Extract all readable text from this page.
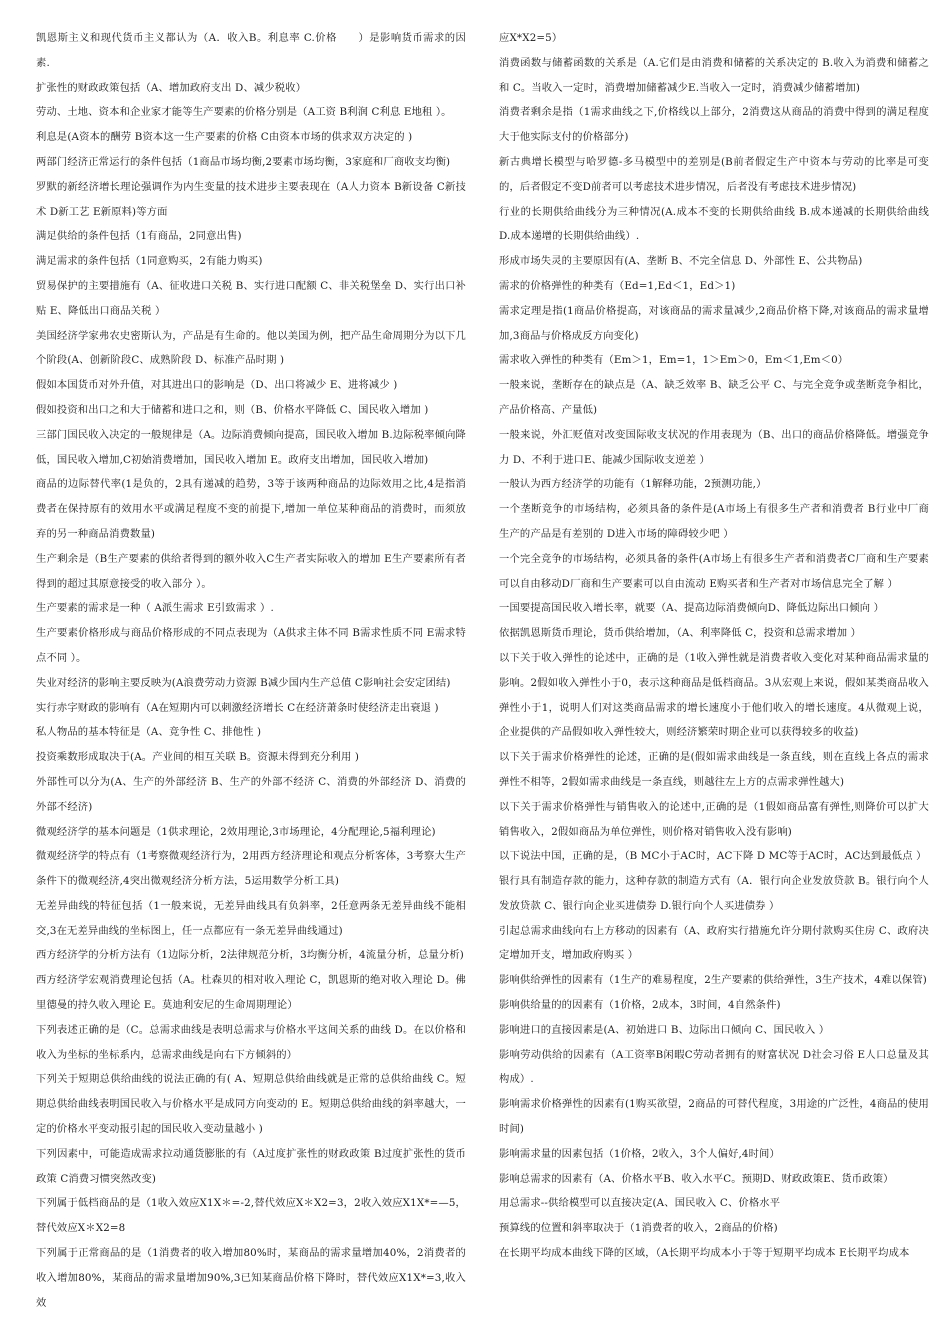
凯恩斯主义和现代货币主义都认为（A．收入B。利息率 C.价格　　）是影响货币需求的因素.

扩张性的财政政策包括（A、增加政府支出 D、减少税收）

劳动、土地、资本和企业家才能等生产要素的价格分别是（A工资 B利润 C利息 E地租 ）。

利息是(A资本的酬劳 B资本这一生产要素的价格 C由资本市场的供求双方决定的 )

两部门经济正常运行的条件包括（1商品市场均衡,2要素市场均衡，3家庭和厂商收支均衡)

罗默的新经济增长理论强调作为内生变量的技术进步主要表现在（A人力资本 B新设备 C新技术 D新工艺 E新原料)等方面

满足供给的条件包括（1有商品，2同意出售)

满足需求的条件包括（1同意购买，2有能力购买)

贸易保护的主要措施有（A、征收进口关税 B、实行进口配额 C、非关税堡垒 D、实行出口补贴 E、降低出口商品关税 ）

美国经济学家弗农史密斯认为，产品是有生命的。他以美国为例，把产品生命周期分为以下几个阶段(A、创新阶段C、成熟阶段 D、标准产品时期 )

假如本国货币对外升值，对其进出口的影响是（D、出口将减少 E、进将减少 )

假如投资和出口之和大于储蓄和进口之和，则（B、价格水平降低 C、国民收入增加 )

三部门国民收入决定的一般规律是（A。边际消费倾向提高，国民收入增加 B.边际税率倾向降低，国民收入增加,C初始消费增加，国民收入增加 E。政府支出增加，国民收入增加)

商品的边际替代率(1是负的，2具有递减的趋势，3等于该两种商品的边际效用之比,4是指消费者在保持原有的效用水平或满足程度不变的前提下,增加一单位某种商品的消费时，而须放弃的另一种商品消费数量)

生产剩余是（B生产要素的供给者得到的额外收入C生产者实际收入的增加 E生产要素所有者得到的超过其原意接受的收入部分 ）。

生产要素的需求是一种（ A派生需求 E引致需求 ）.

生产要素价格形成与商品价格形成的不同点表现为（A供求主体不同 B需求性质不同 E需求特点不同 ）。

失业对经济的影响主要反映为(A浪费劳动力资源 B减少国内生产总值 C影响社会安定团结)

实行赤字财政的影响有（A在短期内可以刺激经济增长 C在经济萧条时使经济走出衰退 )

私人物品的基本特征是（A、竞争性 C、排他性 )

投资乘数形成取决于(A。产业间的相互关联 B。资源未得到充分利用 )

外部性可以分为(A、生产的外部经济 B、生产的外部不经济 C、消费的外部经济 D、消费的外部不经济)

微观经济学的基本问题是（1供求理论，2效用理论,3市场理论，4分配理论,5福利理论)

微观经济学的特点有（1考察微观经济行为，2用西方经济理论和观点分析客体，3考察大生产条件下的微观经济,4突出微观经济分析方法，5运用数学分析工具)

无差异曲线的特征包括（1一般来说，无差异曲线具有负斜率，2任意两条无差异曲线不能相交,3在无差异曲线的坐标图上，任一点都应有一条无差异曲线通过)

西方经济学的分析方法有（1边际分析，2法律规范分析，3均衡分析，4流量分析，总量分析)

西方经济学宏观消费理论包括（A。杜森贝的相对收入理论 C，凯恩斯的绝对收入理论 D。佛里德曼的持久收入理论 E。莫迪利安尼的生命周期理论）

下列表述正确的是（C。总需求曲线是表明总需求与价格水平这间关系的曲线 D。在以价格和收入为坐标的坐标系内，总需求曲线是向右下方倾斜的）

下列关于短期总供给曲线的说法正确的有( A、短期总供给曲线就是正常的总供给曲线 C。短期总供给曲线表明国民收入与价格水平是成同方向变动的 E。短期总供给曲线的斜率越大，一定的价格水平变动报引起的国民收入变动量越小 )

下列因素中，可能造成需求拉动通货膨胀的有（A过度扩张性的财政政策 B过度扩张性的货币政策 C消费习惯突然改变)

下列属于低档商品的是（1收入效应X1X＊=-2,替代效应X＊X2=3，2收入效应X1X*=—5，替代效应X＊X2=8

下列属于正常商品的是（1消费者的收入增加80%时，某商品的需求量增加40%，2消费者的收入增加80%，某商品的需求量增加90%,3已知某商品价格下降时，替代效应X1X*=3,收入效

应X*X2=5）

消费函数与储蓄函数的关系是（A.它们是由消费和储蓄的关系决定的 B.收入为消费和储蓄之和 C。当收入一定时，消费增加储蓄减少E.当收入一定时，消费减少储蓄增加)

消费者剩余是指（1需求曲线之下,价格线以上部分，2消费这从商品的消费中得到的满足程度大于他实际支付的价格部分)

新古典增长模型与哈罗德-多马模型中的差别是(B前者假定生产中资本与劳动的比率是可变的，后者假定不变D前者可以考虑技术进步情况，后者没有考虑技术进步情况)

行业的长期供给曲线分为三种情况(A.成本不变的长期供给曲线 B.成本递减的长期供给曲线 D.成本递增的长期供给曲线）.

形成市场失灵的主要原因有(A、垄断 B、不完全信息 D、外部性 E、公共物品)

需求的价格弹性的种类有（Ed=1,Ed＜1，Ed＞1)

需求定理是指(1商品价格提高，对该商品的需求量减少,2商品价格下降,对该商品的需求量增加,3商品与价格成反方向变化)

需求收入弹性的种类有（Em＞1，Em=1，1＞Em＞0，Em＜1,Em＜0）

一般来说，垄断存在的缺点是（A、缺乏效率 B、缺乏公平 C、与完全竞争或垄断竞争相比，产品价格高、产量低)

一般来说，外汇贬值对改变国际收支状况的作用表现为（B、出口的商品价格降低。增强竞争力 D、不利于进口E、能减少国际收支逆差 ）

一般认为西方经济学的功能有（1解释功能，2预测功能,）

一个垄断竞争的市场结构，必须具备的条件是(A市场上有很多生产者和消费者 B行业中厂商生产的产品是有差别的 D进入市场的障碍较少吧 ）

一个完全竞争的市场结构，必须具备的条件(A市场上有很多生产者和消费者C厂商和生产要素可以自由移动D厂商和生产要素可以自由流动 E购买者和生产者对市场信息完全了解 ）

一国要提高国民收入增长率，就要（A、提高边际消费倾向D、降低边际出口倾向 ）

依据凯恩斯货币理论，货币供给增加，（A、利率降低 C，投资和总需求增加 ）

以下关于收入弹性的论述中，正确的是（1收入弹性就是消费者收入变化对某种商品需求量的影响。2假如收入弹性小于0，表示这种商品是低档商品。3从宏观上来说，假如某类商品收入弹性小于1，说明人们对这类商品需求的增长速度小于他们收入的增长速度。4从微观上说，企业提供的产品假如收入弹性较大，则经济繁荣时期企业可以获得较多的收益)

以下关于需求价格弹性的论述，正确的是(假如需求曲线是一条直线，则在直线上各点的需求弹性不相等，2假如需求曲线是一条直线，则越往左上方的点需求弹性越大)

以下关于需求价格弹性与销售收入的论述中,正确的是（1假如商品富有弹性,则降价可以扩大销售收入，2假如商品为单位弹性，则价格对销售收入没有影响)

以下说法中国，正确的是，（B MC小于AC时，AC下降 D MC等于AC时，AC达到最低点 ）

银行具有制造存款的能力，这种存款的制造方式有（A．银行向企业发放贷款 B。银行向个人发放贷款 C、银行向企业买进债券 D.银行向个人买进债券 ）

引起总需求曲线向右上方移动的因素有（A、政府实行措施允许分期付款购买住房 C、政府决定增加开支，增加政府购买 ）

影响供给弹性的因素有（1生产的难易程度，2生产要素的供给弹性，3生产技术，4难以保管)

影响供给量的的因素有（1价格，2成本，3时间，4自然条件)

影响进口的直接因素是(A、初始进口 B、边际出口倾向 C、国民收入 ）

影响劳动供给的因素有（A工资率B闲暇C劳动者拥有的财富状况 D社会习俗 E人口总量及其构成）.

影响需求价格弹性的因素有(1购买欲望，2商品的可替代程度，3用途的广泛性，4商品的使用时间)

影响需求量的因素包括（1价格，2收入，3个人偏好,4时间）

影响总需求的因素有（A、价格水平B、收入水平C。预期D、财政政策E、货币政策）

用总需求--供给模型可以直接决定(A、国民收入 C、价格水平

预算线的位置和斜率取决于（1消费者的收入，2商品的价格)

在长期平均成本曲线下降的区域，（A长期平均成本小于等于短期平均成本 E长期平均成本
